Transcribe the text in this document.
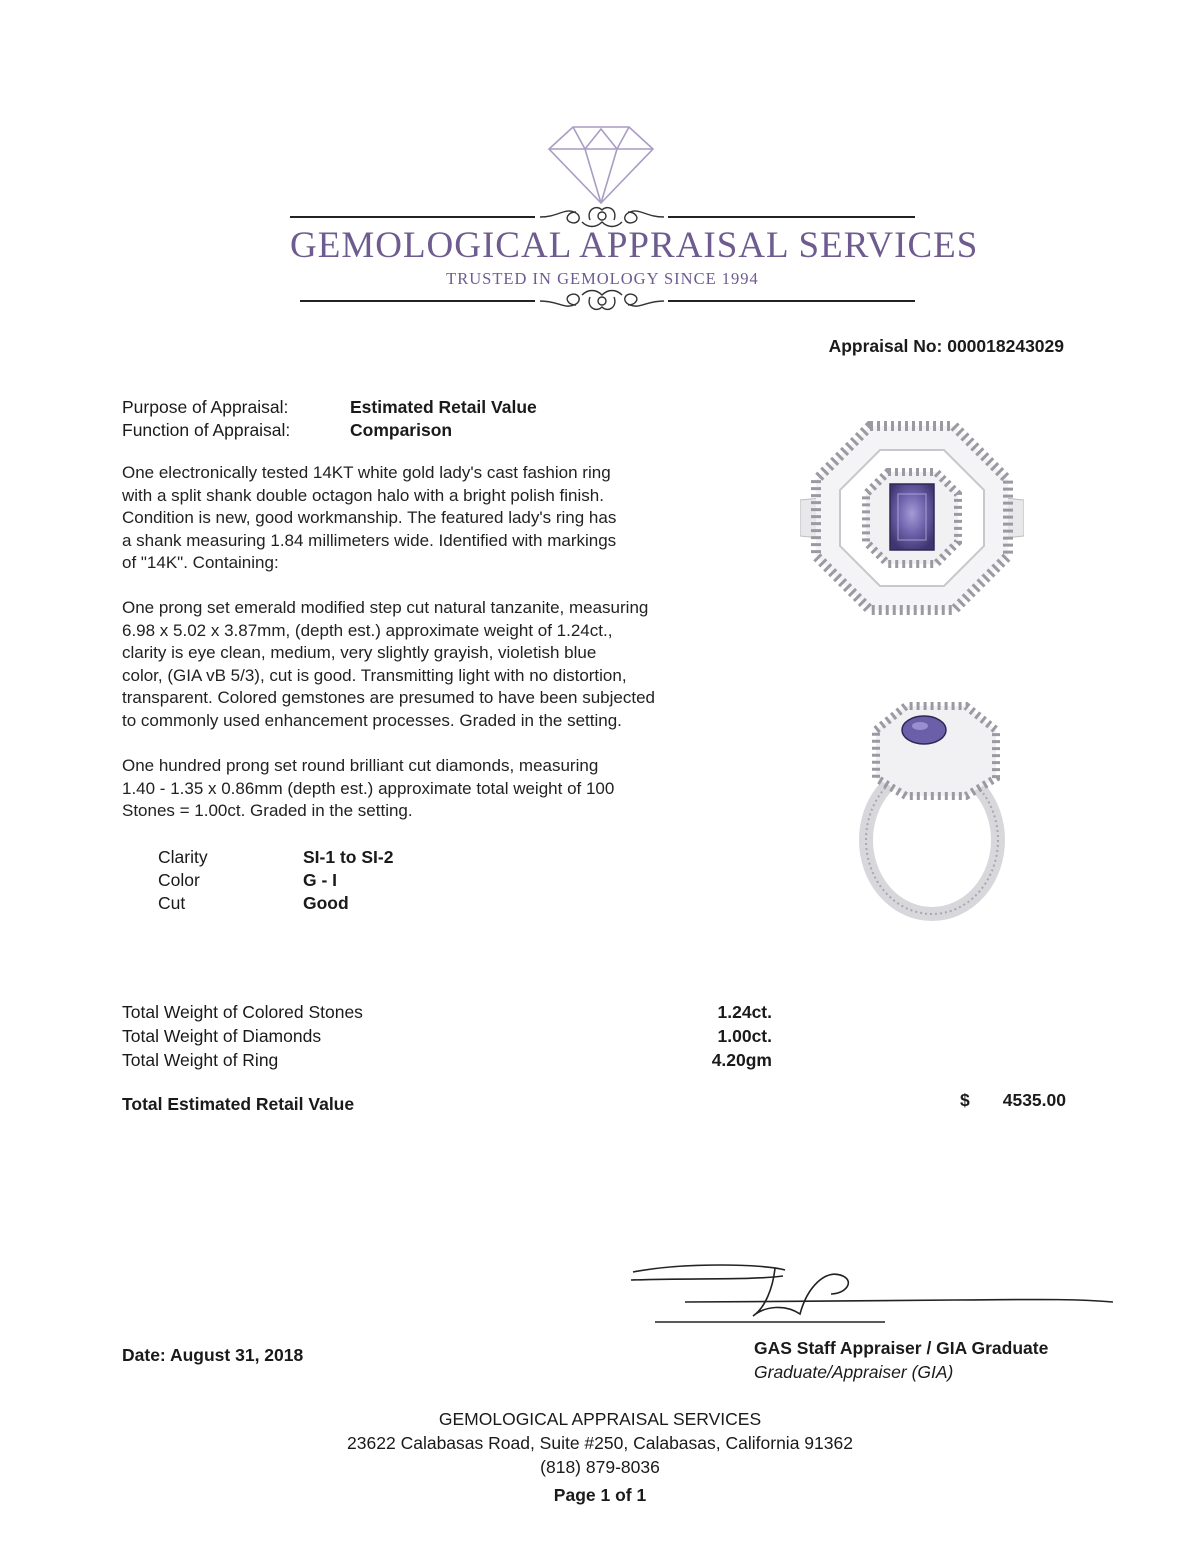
GEMOLOGICAL APPRAISAL SERVICES
TRUSTED IN GEMOLOGY SINCE 1994
Appraisal No: 000018243029
Purpose of Appraisal:	Estimated Retail Value
Function of Appraisal:	Comparison
One electronically tested 14KT white gold lady's cast fashion ring
with a split shank double octagon halo with a bright polish finish.
Condition is new, good workmanship. The featured lady's ring has
a shank measuring 1.84 millimeters wide. Identified with markings
of "14K". Containing:
One prong set emerald modified step cut natural tanzanite, measuring
6.98 x 5.02 x 3.87mm, (depth est.) approximate weight of 1.24ct.,
clarity is eye clean, medium, very slightly grayish, violetish blue
color, (GIA vB 5/3), cut is good. Transmitting light with no distortion,
transparent. Colored gemstones are presumed to have been subjected
to commonly used enhancement processes. Graded in the setting.
One hundred prong set round brilliant cut diamonds, measuring
1.40 - 1.35 x 0.86mm (depth est.) approximate total weight of 100
Stones = 1.00ct. Graded in the setting.
Clarity	SI-1 to SI-2
Color	G - I
Cut	Good
Total Weight of Colored Stones	1.24ct.
Total Weight of Diamonds	1.00ct.
Total Weight of Ring	4.20gm
Total Estimated Retail Value	$ 4535.00
Date: August 31, 2018	GAS Staff Appraiser / GIA Graduate
Graduate/Appraiser (GIA)
GEMOLOGICAL APPRAISAL SERVICES
23622 Calabasas Road, Suite #250, Calabasas, California 91362
(818) 879-8036
Page 1 of 1
